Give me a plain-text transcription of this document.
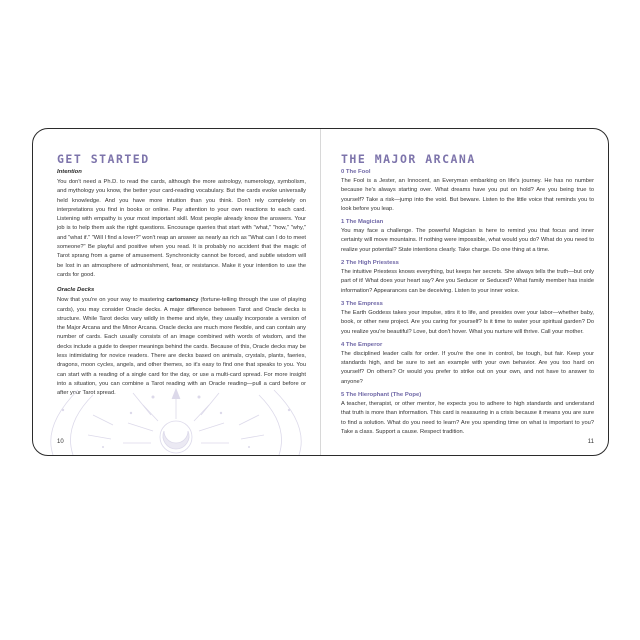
GET STARTED

Intention

You don't need a Ph.D. to read the cards, although the more astrology, numerology, symbolism, and mythology you know, the better your card-reading vocabulary. But the cards evoke universally held knowledge. And you have more intuition than you think. Don't rely completely on interpretations you find in books or online. Pay attention to your own reactions to each card. Listening with empathy is your most important skill. Most people already know the answers. Your job is to help them ask the right questions. Encourage queries that start with "what," "how," "why," and "what if." "Will I find a lover?" won't reap an answer as nearly as rich as "What can I do to meet someone?" Be playful and positive when you read. It is probably no accident that the magic of Tarot sprang from a game of amusement. Synchronicity cannot be forced, and subtle wisdom will be lost in an atmosphere of admonishment, fear, or resistance. Make it your intention to use the cards for good.

Oracle Decks

Now that you're on your way to mastering cartomancy (fortune-telling through the use of playing cards), you may consider Oracle decks. A major difference between Tarot and Oracle decks is structure. While Tarot decks vary wildly in theme and style, they usually incorporate a version of the Major Arcana and the Minor Arcana. Oracle decks are much more flexible, and can contain any number of cards. Each usually consists of an image combined with words of wisdom, and the decks include a guide to deeper meanings behind the cards. Because of this, Oracle decks may be less intimidating for novice readers. There are decks based on animals, crystals, plants, faeries, dragons, moon cycles, angels, and other themes, so it's easy to find one that speaks to you. You can start with a reading of a single card for the day, or use a multi-card spread. For more insight into a situation, you can combine a Tarot reading with an Oracle reading—pull a card before or after your Tarot spread.

10
THE MAJOR ARCANA

0 The Fool

The Fool is a Jester, an Innocent, an Everyman embarking on life's journey. He has no number because he's always starting over. What dreams have you put on hold? Are you being true to yourself? Take a risk—jump into the void. But beware. Listen to the little voice that reminds you to look before you leap.

1 The Magician

You may face a challenge. The powerful Magician is here to remind you that focus and inner certainty will move mountains. If nothing were impossible, what would you do? What do you need to realize your potential? State intentions clearly. Take charge. Do one thing at a time.

2 The High Priestess

The intuitive Priestess knows everything, but keeps her secrets. She always tells the truth—but only part of it! What does your heart say? Are you Seducer or Seduced? What family member has inside information? Appearances can be deceiving. Listen to your inner voice.

3 The Empress

The Earth Goddess takes your impulse, stirs it to life, and presides over your labor—whether baby, book, or other new project. Are you caring for yourself? Is it time to water your spiritual garden? Do you realize you're beautiful? Love, but don't hover. What you nurture will thrive. Call your mother.

4 The Emperor

The disciplined leader calls for order. If you're the one in control, be tough, but fair. Keep your standards high, and be sure to set an example with your own behavior. Are you too hard on yourself? On others? Or would you prefer to strike out on your own, and not have to answer to anyone?

5 The Hierophant (The Pope)

A teacher, therapist, or other mentor, he expects you to adhere to high standards and understand that truth is more than information. This card is reassuring in a crisis because it means you are sure to find a solution. What do you need to learn? Are you spending time on what is important to you? Take a class. Support a cause. Respect tradition.

11
